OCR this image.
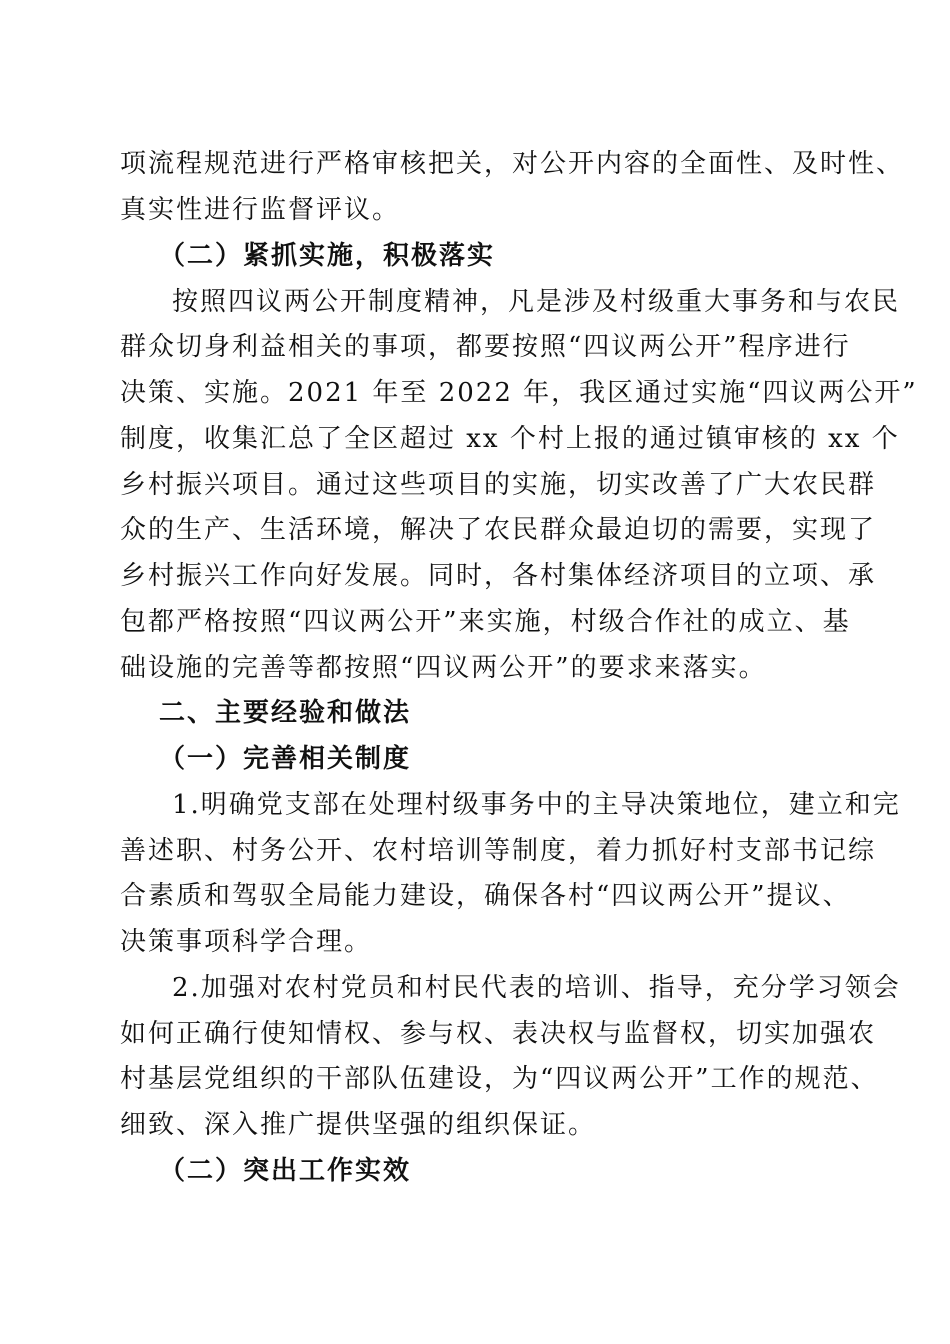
项流程规范进行严格审核把关，对公开内容的全面性、及时性、
真实性进行监督评议。
（二）紧抓实施，积极落实
按照四议两公开制度精神，凡是涉及村级重大事务和与农民
群众切身利益相关的事项，都要按照“四议两公开”程序进行
决策、实施。2021 年至 2022 年，我区通过实施“四议两公开”
制度，收集汇总了全区超过 xx 个村上报的通过镇审核的 xx 个
乡村振兴项目。通过这些项目的实施，切实改善了广大农民群
众的生产、生活环境，解决了农民群众最迫切的需要，实现了
乡村振兴工作向好发展。同时，各村集体经济项目的立项、承
包都严格按照“四议两公开”来实施，村级合作社的成立、基
础设施的完善等都按照“四议两公开”的要求来落实。
二、主要经验和做法
（一）完善相关制度
1.明确党支部在处理村级事务中的主导决策地位，建立和完
善述职、村务公开、农村培训等制度，着力抓好村支部书记综
合素质和驾驭全局能力建设，确保各村“四议两公开”提议、
决策事项科学合理。
2.加强对农村党员和村民代表的培训、指导，充分学习领会
如何正确行使知情权、参与权、表决权与监督权，切实加强农
村基层党组织的干部队伍建设，为“四议两公开”工作的规范、
细致、深入推广提供坚强的组织保证。
（二）突出工作实效
